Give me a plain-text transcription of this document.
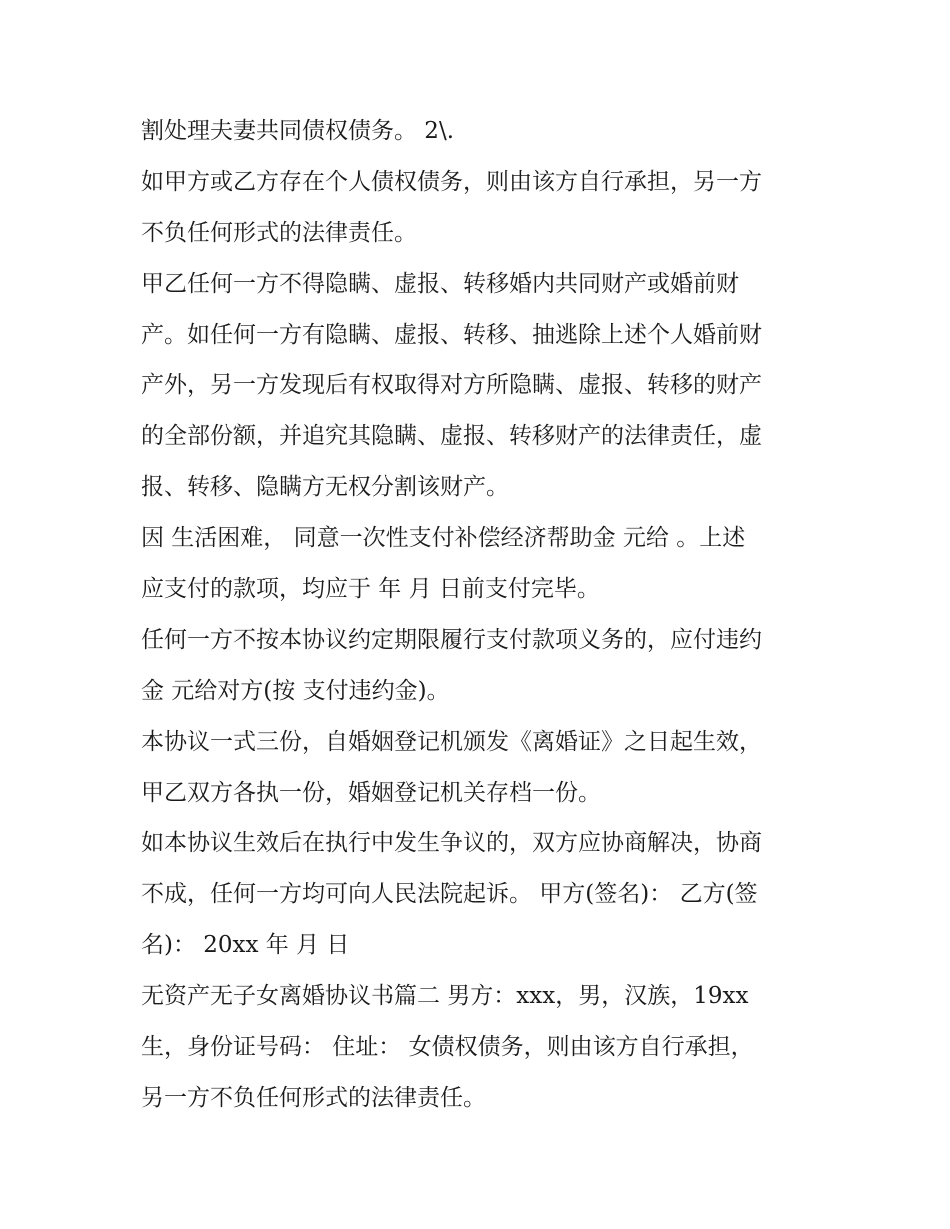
割处理夫妻共同债权债务。 2\.

如甲方或乙方存在个人债权债务，则由该方自行承担，另一方

不负任何形式的法律责任。

甲乙任何一方不得隐瞒、虚报、转移婚内共同财产或婚前财

产。如任何一方有隐瞒、虚报、转移、抽逃除上述个人婚前财

产外，另一方发现后有权取得对方所隐瞒、虚报、转移的财产

的全部份额，并追究其隐瞒、虚报、转移财产的法律责任，虚

报、转移、隐瞒方无权分割该财产。

因 生活困难， 同意一次性支付补偿经济帮助金 元给 。上述

应支付的款项，均应于 年 月 日前支付完毕。

任何一方不按本协议约定期限履行支付款项义务的，应付违约

金 元给对方(按 支付违约金)。

本协议一式三份，自婚姻登记机颁发《离婚证》之日起生效，

甲乙双方各执一份，婚姻登记机关存档一份。

如本协议生效后在执行中发生争议的，双方应协商解决，协商

不成，任何一方均可向人民法院起诉。 甲方(签名)： 乙方(签

名)： 20xx 年 月 日

无资产无子女离婚协议书篇二 男方：xxx，男，汉族，19xx

生，身份证号码： 住址： 女债权债务，则由该方自行承担，

另一方不负任何形式的法律责任。
